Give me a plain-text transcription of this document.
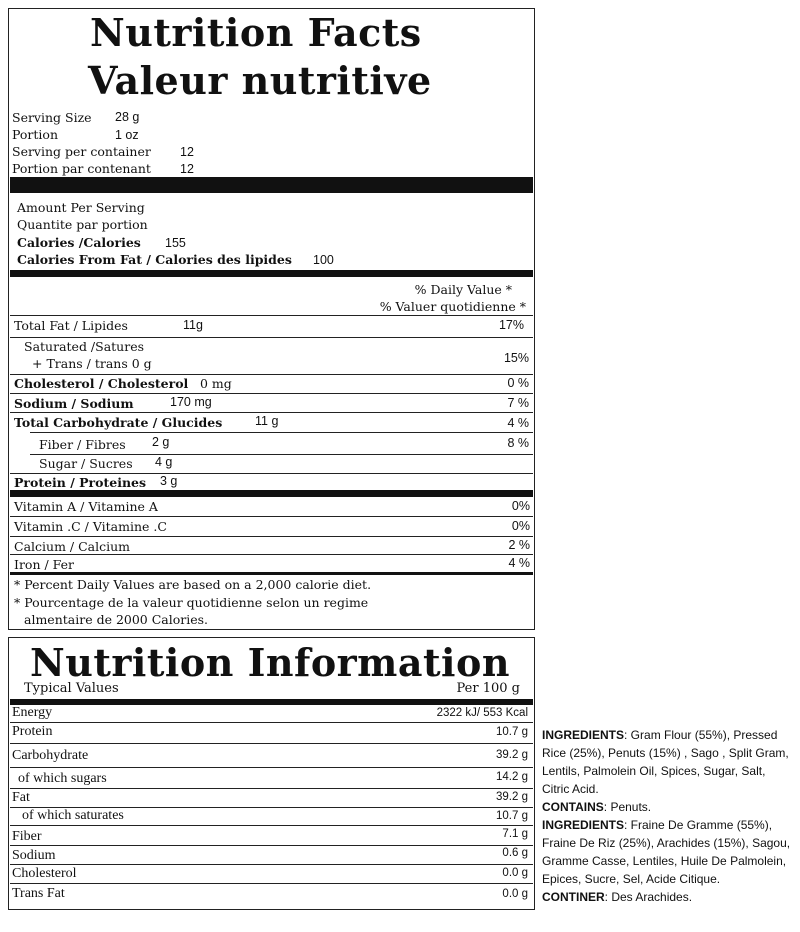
Nutrition Facts
Valeur nutritive
Serving Size 28 g
Portion	1 oz
Serving per container 12
Portion par contenant 12
Amount Per Serving
Quantite par portion
Calories /Calories 155
Calories From Fat / Calories des lipides 100
% Daily Value *
% Valuer quotidienne *
Total Fat / Lipides	11g	17%
Saturated /Satures
+ Trans / trans 0 g	15%
Cholesterol / Cholesterol 0 mg	0 %
Sodium / Sodium	170 mg	7 %
Total Carbohydrate / Glucides	11 g	4 %
Fiber / Fibres 2 g	8 %
Sugar / Sucres 4 g
Protein / Proteines 3 g
Vitamin A / Vitamine A	0%
Vitamin .C / Vitamine .C	0%
Calcium / Calcium	2 %
Iron / Fer	4 %
* Percent Daily Values are based on a 2,000 calorie diet.
* Pourcentage de la valeur quotidienne selon un regime
almentaire de 2000 Calories.
Nutrition Information
Typical Values	Per 100 g
Energy	2322 kJ/ 553 Kcal
Protein	10.7 g
Carbohydrate	39.2 g
of which sugars	14.2 g
Fat	39.2 g
of which saturates	10.7 g
Fiber	7.1 g
Sodium	0.6 g
Cholesterol	0.0 g
Trans Fat	0.0 g
INGREDIENTS: Gram Flour (55%), Pressed Rice (25%), Penuts (15%) , Sago , Split Gram, Lentils, Palmolein Oil, Spices, Sugar, Salt, Citric Acid.
CONTAINS: Penuts.
INGREDIENTS: Fraine De Gramme (55%), Fraine De Riz (25%), Arachides (15%), Sagou, Gramme Casse, Lentiles, Huile De Palmolein, Epices, Sucre, Sel, Acide Citique.
CONTINER: Des Arachides.
